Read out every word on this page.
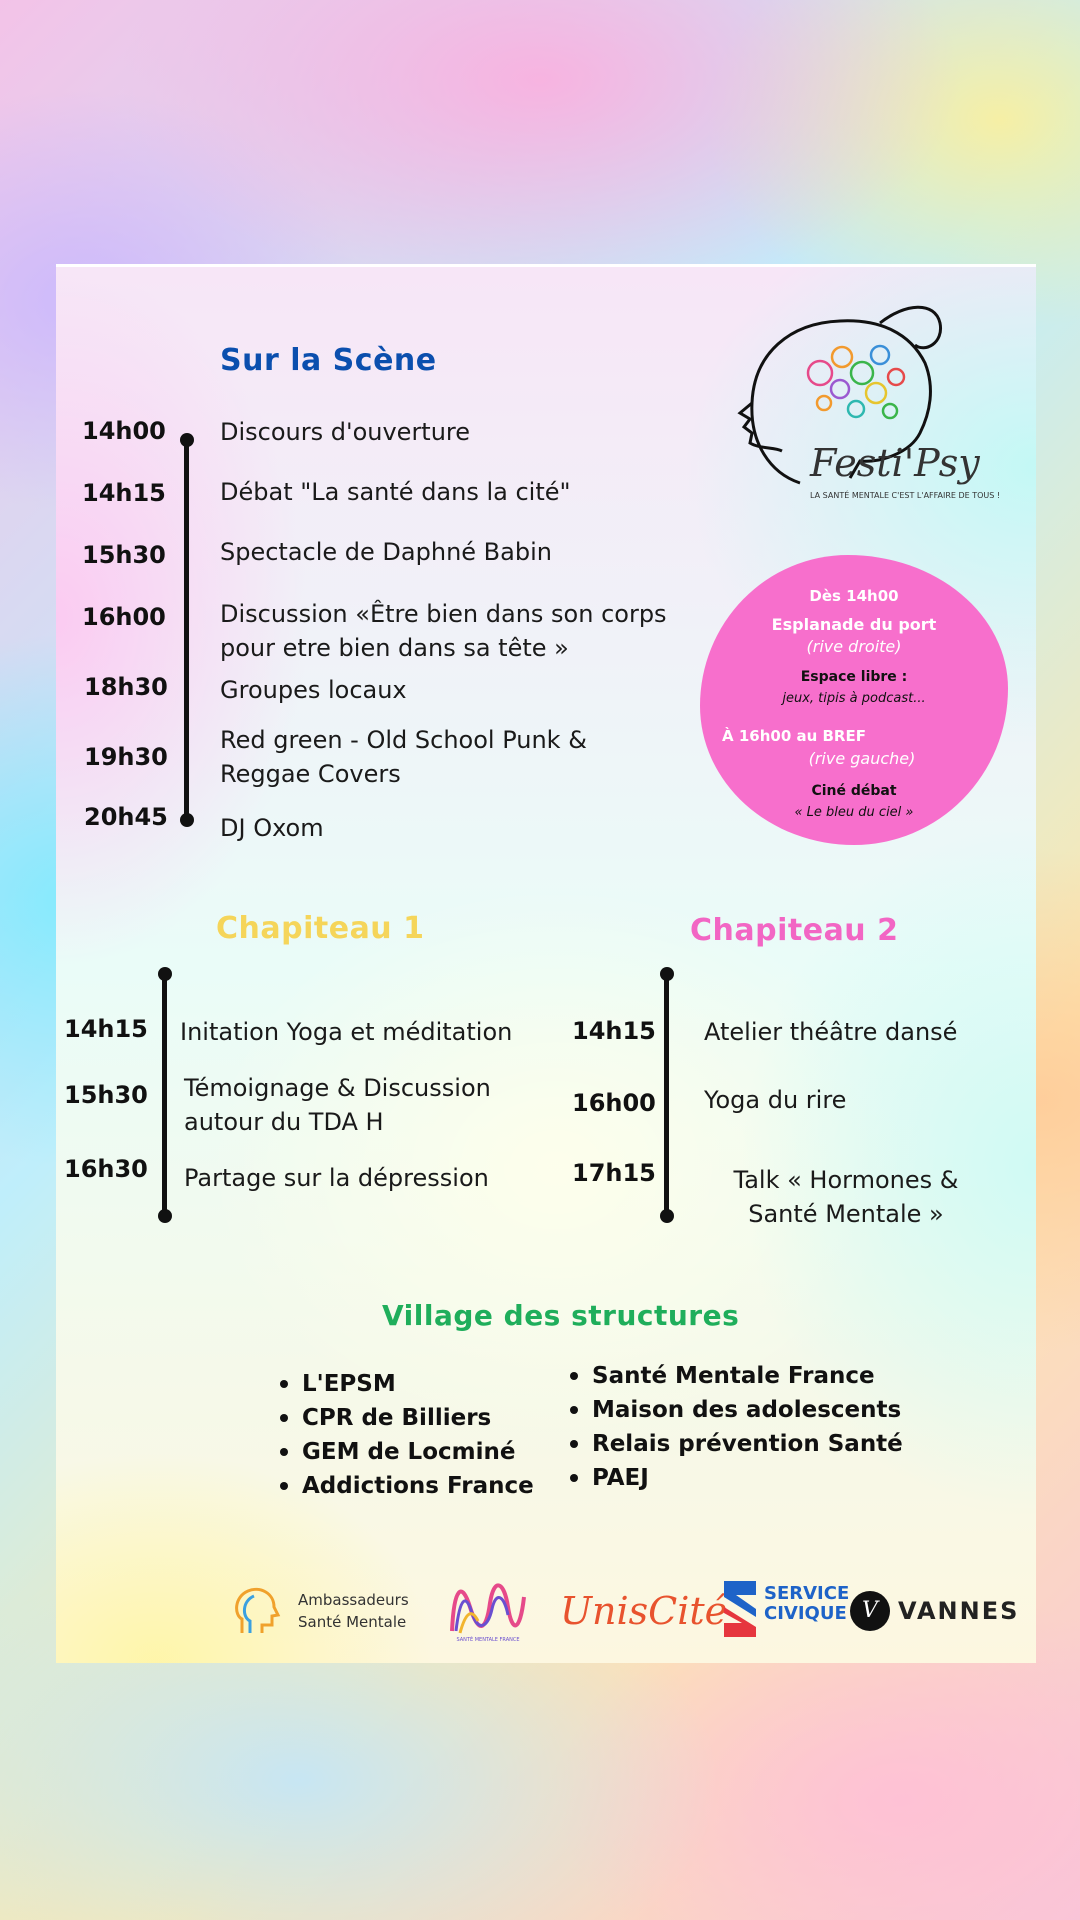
Sur la Scène
14h00 Discours d'ouverture
14h15 Débat "La santé dans la cité"
15h30 Spectacle de Daphné Babin
16h00 Discussion «Être bien dans son corps pour etre bien dans sa tête »
18h30 Groupes locaux
19h30
Red green - Old School Punk & Reggae Covers
20h45 DJ Oxom
Festi'Psy
LA SANTÉ MENTALE C'EST L'AFFAIRE DE TOUS !
Dès 14h00
Esplanade du port
(rive droite)
Espace libre :
jeux, tipis à podcast...
À 16h00 au BREF
(rive gauche)
Ciné débat
« Le bleu du ciel »
Chapiteau 1
14h15 Initation Yoga et méditation
15h30 Témoignage & Discussion autour du TDA H
16h30 Partage sur la dépression
Chapiteau 2
14h15 Atelier théâtre dansé
16h00 Yoga du rire
17h15	Talk « Hormones & Santé Mentale »
Village des structures
L'EPSM
CPR de Billiers
GEM de Locminé
Addictions France
Santé Mentale France
Maison des adolescents
Relais prévention Santé
PAEJ
Ambassadeurs
Santé Mentale
SANTÉ MENTALE FRANCE
UnisCité SERVICE
CIVIQUE V VANNES
